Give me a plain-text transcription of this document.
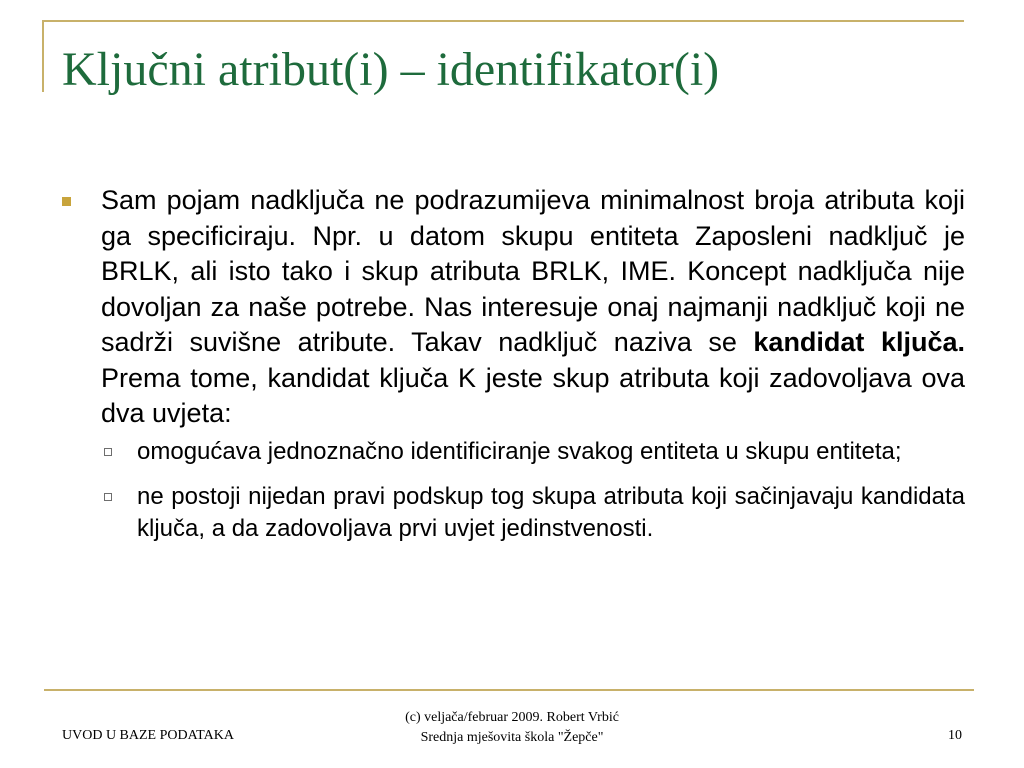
Ključni atribut(i) – identifikator(i)
Sam pojam nadključa ne podrazumijeva minimalnost broja atributa koji ga specificiraju. Npr. u datom skupu entiteta Zaposleni nadključ je BRLK, ali isto tako i skup atributa BRLK, IME. Koncept nadključa nije dovoljan za naše potrebe. Nas interesuje onaj najmanji nadključ koji ne sadrži suvišne atribute. Takav nadključ naziva se kandidat ključa. Prema tome, kandidat ključa K jeste skup atributa koji zadovoljava ova dva uvjeta:
omogućava jednoznačno identificiranje svakog entiteta u skupu entiteta;
ne postoji nijedan pravi podskup tog skupa atributa koji sačinjavaju kandidata ključa, a da zadovoljava prvi uvjet jedinstvenosti.
UVOD U BAZE PODATAKA
(c) veljača/februar 2009. Robert Vrbić
Srednja mješovita škola "Žepče"	10
